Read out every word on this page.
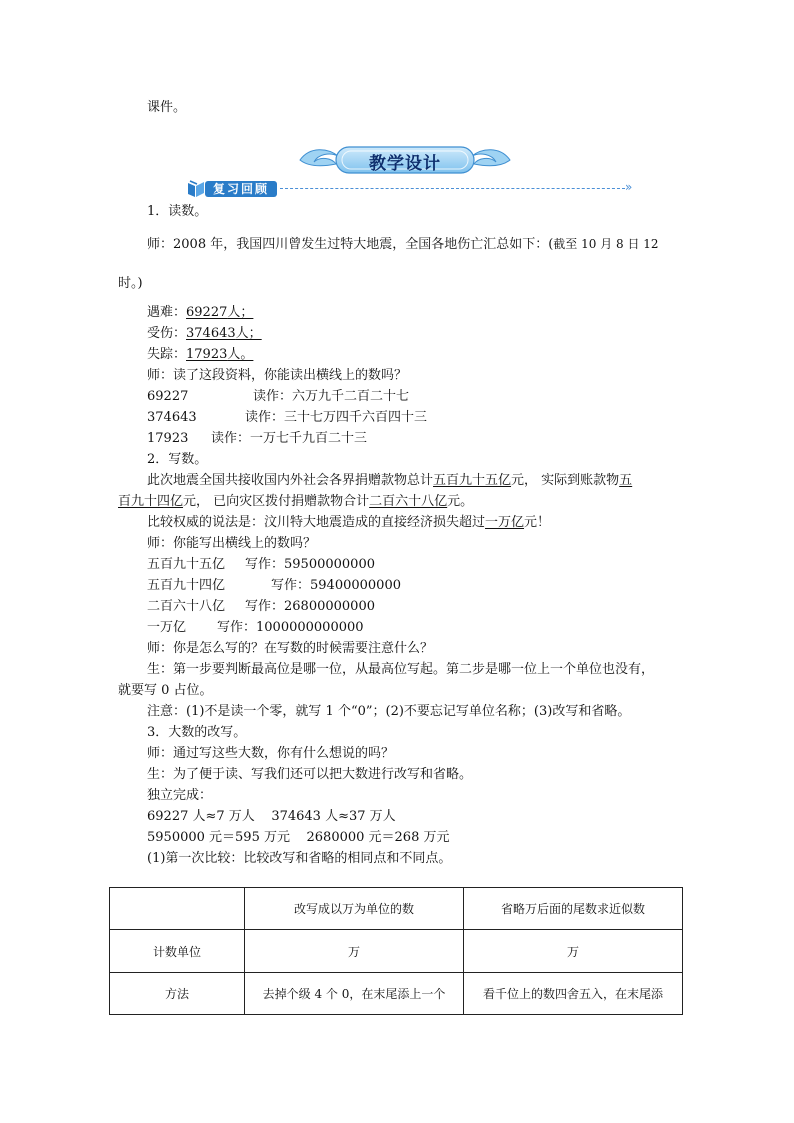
课件。
教学设计
复习回顾	»
1．读数。
师：2008 年，我国四川曾发生过特大地震，全国各地伤亡汇总如下：(截至 10 月 8 日 12
时。)
遇难：69227人；
受伤：374643人；
失踪：17923人。
师：读了这段资料，你能读出横线上的数吗？
69227	读作：六万九千二百二十七
374643	读作：三十七万四千六百四十三
17923 读作：一万七千九百二十三
2．写数。
此次地震全国共接收国内外社会各界捐赠款物总计五百九十五亿元， 实际到账款物五
百九十四亿元， 已向灾区拨付捐赠款物合计二百六十八亿元。
比较权威的说法是：汶川特大地震造成的直接经济损失超过一万亿元！
师：你能写出横线上的数吗？
五百九十五亿 写作：59500000000
五百九十四亿	写作：59400000000
二百六十八亿 写作：26800000000
一万亿 写作：1000000000000
师：你是怎么写的？在写数的时候需要注意什么？
生：第一步要判断最高位是哪一位，从最高位写起。第二步是哪一位上一个单位也没有，
就要写 0 占位。
注意：(1)不是读一个零，就写 1 个“0”；(2)不要忘记写单位名称；(3)改写和省略。
3．大数的改写。
师：通过写这些大数，你有什么想说的吗？
生：为了便于读、写我们还可以把大数进行改写和省略。
独立完成：
69227 人≈7 万人    374643 人≈37 万人
5950000 元＝595 万元    2680000 元＝268 万元
(1)第一次比较：比较改写和省略的相同点和不同点。
	改写成以万为单位的数	省略万后面的尾数求近似数
计数单位	万	万
方法	去掉个级 4 个 0，在末尾添上一个	看千位上的数四舍五入，在末尾添
